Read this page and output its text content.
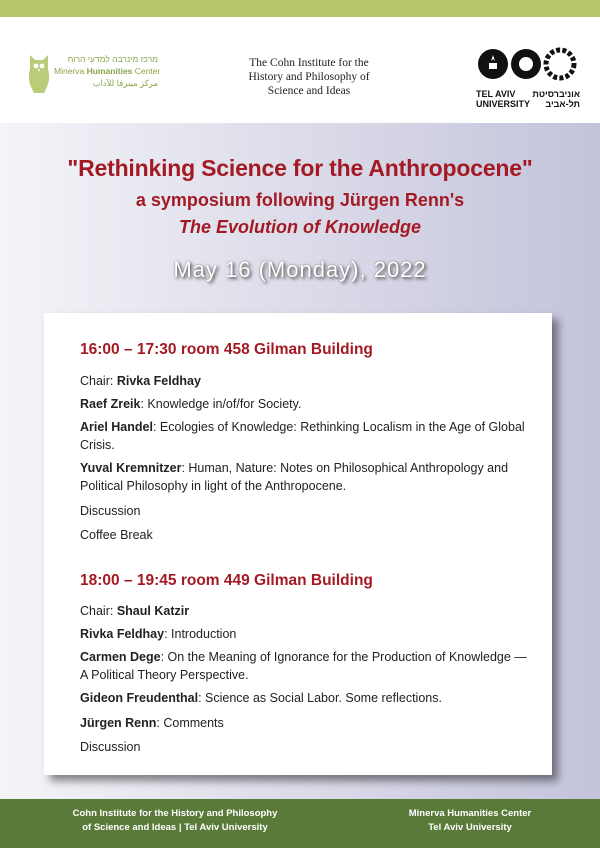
מרכז מינרבה למדעי הרוח
Minerva Humanities Center
مركز مينرفا للآداب
The Cohn Institute for the
History and Philosophy of
Science and Ideas	TEL AVIV
UNIVERSITY
אוניברסיטת
תל-אביב
"Rethinking Science for the Anthropocene"
a symposium following Jürgen Renn's
The Evolution of Knowledge
May 16 (Monday), 2022
16:00 – 17:30 room 458 Gilman Building
Chair: Rivka Feldhay
Raef Zreik: Knowledge in/of/for Society.
Ariel Handel: Ecologies of Knowledge: Rethinking Localism in the Age of Global Crisis.
Yuval Kremnitzer: Human, Nature: Notes on Philosophical Anthropology and Political Philosophy in light of the Anthropocene.
Discussion
Coffee Break
18:00 – 19:45 room 449 Gilman Building
Chair: Shaul Katzir
Rivka Feldhay: Introduction
Carmen Dege: On the Meaning of Ignorance for the Production of Knowledge — A Political Theory Perspective.
Gideon Freudenthal: Science as Social Labor. Some reflections.
Jürgen Renn: Comments
Discussion
Cohn Institute for the History and Philosophy
of Science and Ideas | Tel Aviv University
Minerva Humanities Center
Tel Aviv University
